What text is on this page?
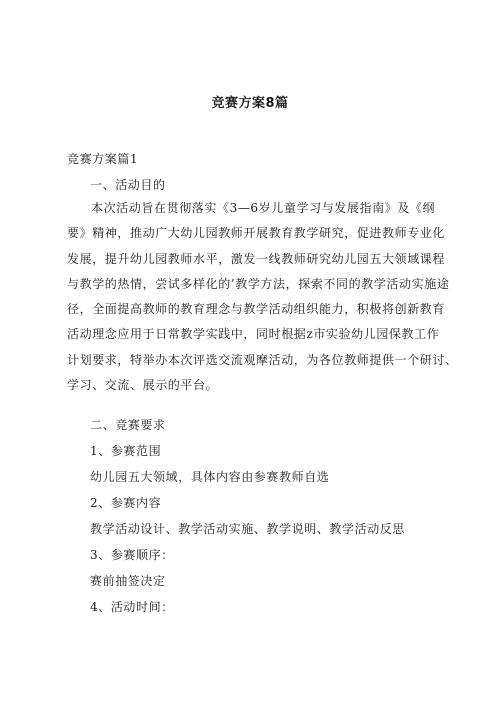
竞赛方案8篇
竞赛方案篇1
一、活动目的
本次活动旨在贯彻落实《3—6岁儿童学习与发展指南》及《纲
要》精神，推动广大幼儿园教师开展教育教学研究，促进教师专业化
发展，提升幼儿园教师水平，激发一线教师研究幼儿园五大领域课程
与教学的热情，尝试多样化的’教学方法，探索不同的教学活动实施途
径，全面提高教师的教育理念与教学活动组织能力，积极将创新教育
活动理念应用于日常教学实践中，同时根据z市实验幼儿园保教工作
计划要求，特举办本次评选交流观摩活动，为各位教师提供一个研讨、
学习、交流、展示的平台。
二、竞赛要求
1、参赛范围
幼儿园五大领域，具体内容由参赛教师自选
2、参赛内容
教学活动设计、教学活动实施、教学说明、教学活动反思
3、参赛顺序：
赛前抽签决定
4、活动时间：
